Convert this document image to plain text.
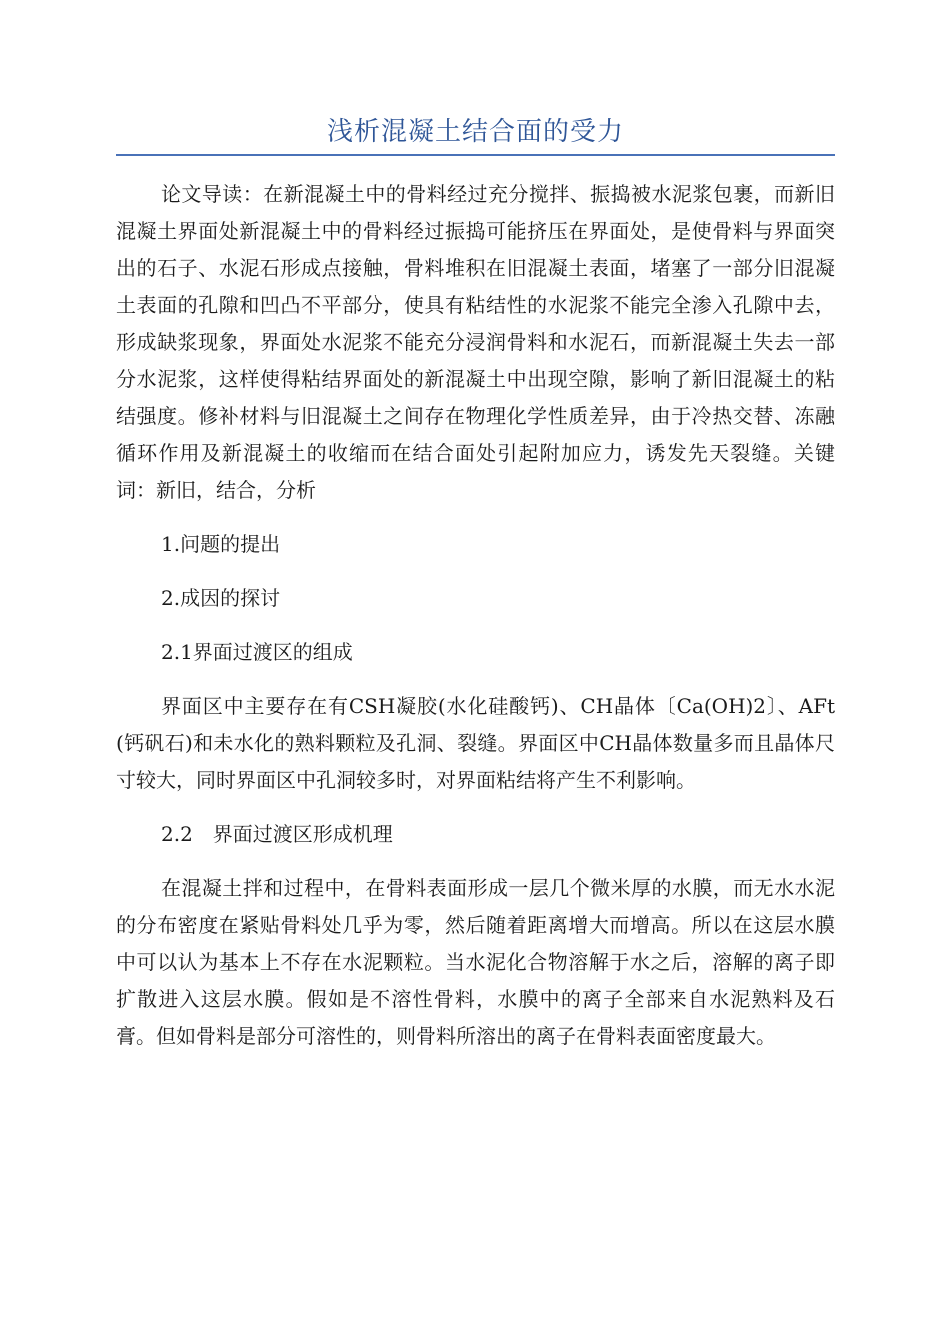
浅析混凝土结合面的受力

论文导读：在新混凝土中的骨料经过充分搅拌、振捣被水泥浆包裹，而新旧混凝土界面处新混凝土中的骨料经过振捣可能挤压在界面处，是使骨料与界面突出的石子、水泥石形成点接触，骨料堆积在旧混凝土表面，堵塞了一部分旧混凝土表面的孔隙和凹凸不平部分，使具有粘结性的水泥浆不能完全渗入孔隙中去，形成缺浆现象，界面处水泥浆不能充分浸润骨料和水泥石，而新混凝土失去一部分水泥浆，这样使得粘结界面处的新混凝土中出现空隙，影响了新旧混凝土的粘结强度。修补材料与旧混凝土之间存在物理化学性质差异，由于冷热交替、冻融循环作用及新混凝土的收缩而在结合面处引起附加应力，诱发先天裂缝。关键词：新旧，结合，分析

1.问题的提出

2.成因的探讨

2.1界面过渡区的组成

界面区中主要存在有CSH凝胶(水化硅酸钙)、CH晶体〔Ca(OH)2〕、AFt(钙矾石)和未水化的熟料颗粒及孔洞、裂缝。界面区中CH晶体数量多而且晶体尺寸较大，同时界面区中孔洞较多时，对界面粘结将产生不利影响。

2.2　界面过渡区形成机理

在混凝土拌和过程中，在骨料表面形成一层几个微米厚的水膜，而无水水泥的分布密度在紧贴骨料处几乎为零，然后随着距离增大而增高。所以在这层水膜中可以认为基本上不存在水泥颗粒。当水泥化合物溶解于水之后，溶解的离子即扩散进入这层水膜。假如是不溶性骨料，水膜中的离子全部来自水泥熟料及石膏。但如骨料是部分可溶性的，则骨料所溶出的离子在骨料表面密度最大。
